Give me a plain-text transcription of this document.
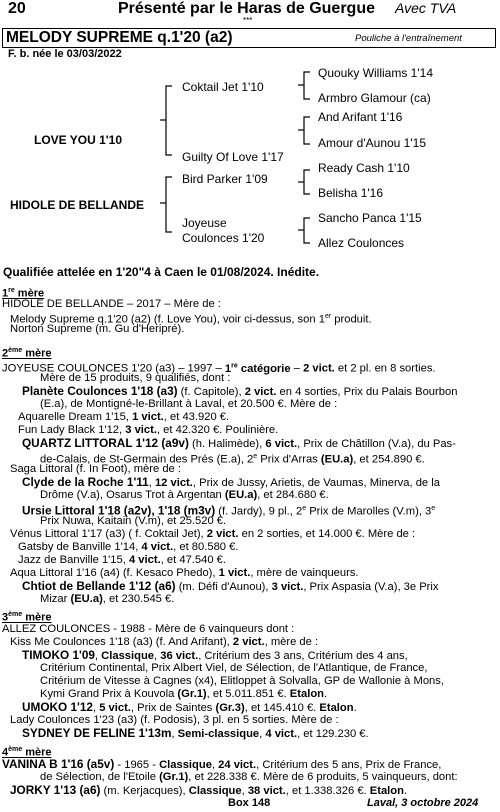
20	Présenté par le Haras de Guergue Avec TVA
***
MELODY SUPREME q.1'20 (a2)	Pouliche à l'entraînement
F. b. née le 03/03/2022
LOVE YOU 1'10
HIDOLE DE BELLANDE
Coktail Jet 1'10
Guilty Of Love 1'17
Bird Parker 1'09
Joyeuse
Coulonces 1'20
Quouky Williams 1'14
Armbro Glamour (ca)
And Arifant 1'16
Amour d'Aunou 1'15
Ready Cash 1'10
Belisha 1'16
Sancho Panca 1'15
Allez Coulonces
Qualifiée attelée en 1'20"4 à Caen le 01/08/2024. Inédite.
1re mère
2ème mère
3ème mère
4ème mère
HIDOLE DE BELLANDE – 2017 – Mère de :
Melody Supreme q.1'20 (a2) (f. Love You), voir ci-dessus, son 1er produit.
Norton Supreme (m. Gu d'Heripré).
JOYEUSE COULONCES 1'20 (a3) – 1997 – 1re catégorie – 2 vict. et 2 pl. en 8 sorties.
Mère de 15 produits, 9 qualifiés, dont :
Planète Coulonces 1'18 (a3) (f. Capitole), 2 vict. en 4 sorties, Prix du Palais Bourbon
(E.a), de Montigné-le-Brillant à Laval, et 20.500 €. Mère de :
Aquarelle Dream 1'15, 1 vict., et 43.920 €.
Fun Lady Black 1'12, 3 vict., et 42.320 €. Poulinière.
QUARTZ LITTORAL 1'12 (a9v) (h. Halimède), 6 vict., Prix de Châtillon (V.a), du Pas-
de-Calais, de St-Germain des Prés (E.a), 2e Prix d'Arras (EU.a), et 254.890 €.
Saga Littoral (f. In Foot), mère de :
Clyde de la Roche 1'11, 12 vict., Prix de Jussy, Arietis, de Vaumas, Minerva, de la
Drôme (V.a), Osarus Trot à Argentan (EU.a), et 284.680 €.
Ursie Littoral 1'18 (a2v), 1'18 (m3v) (f. Jardy), 9 pl., 2e Prix de Marolles (V.m), 3e
Prix Nuwa, Kaitain (V.m), et 25.520 €.
Vénus Littoral 1'17 (a3) ( f. Coktail Jet), 2 vict. en 2 sorties, et 14.000 €. Mère de :
Gatsby de Banville 1'14, 4 vict., et 80.580 €.
Jazz de Banville 1'15, 4 vict., et 47.540 €.
Aqua Littoral 1'16 (a4) (f. Kesaco Phedo), 1 vict., mère de vainqueurs.
Chtiot de Bellande 1'12 (a6) (m. Défi d'Aunou), 3 vict., Prix Aspasia (V.a), 3e Prix
Mizar (EU.a), et 230.545 €.
ALLEZ COULONCES - 1988 - Mère de 6 vainqueurs dont :
Kiss Me Coulonces 1'18 (a3) (f. And Arifant), 2 vict., mère de :
TIMOKO 1'09, Classique, 36 vict., Critérium des 3 ans, Critérium des 4 ans,
Critérium Continental, Prix Albert Viel, de Sélection, de l'Atlantique, de France,
Critérium de Vitesse à Cagnes (x4), Elitloppet à Solvalla, GP de Wallonie à Mons,
Kymi Grand Prix à Kouvola (Gr.1), et 5.011.851 €. Etalon.
UMOKO 1'12, 5 vict., Prix de Saintes (Gr.3), et 145.410 €. Etalon.
Lady Coulonces 1'23 (a3) (f. Podosis), 3 pl. en 5 sorties. Mère de :
SYDNEY DE FELINE 1'13m, Semi-classique, 4 vict., et 129.230 €.
VANINA B 1'16 (a5v) - 1965 - Classique, 24 vict., Critérium des 5 ans, Prix de France,
de Sélection, de l'Etoile (Gr.1), et 228.338 €. Mère de 6 produits, 5 vainqueurs, dont:
JORKY 1'13 (a6) (m. Kerjacques), Classique, 38 vict., et 1.338.326 €. Etalon.
Box 148	Laval, 3 octobre 2024
